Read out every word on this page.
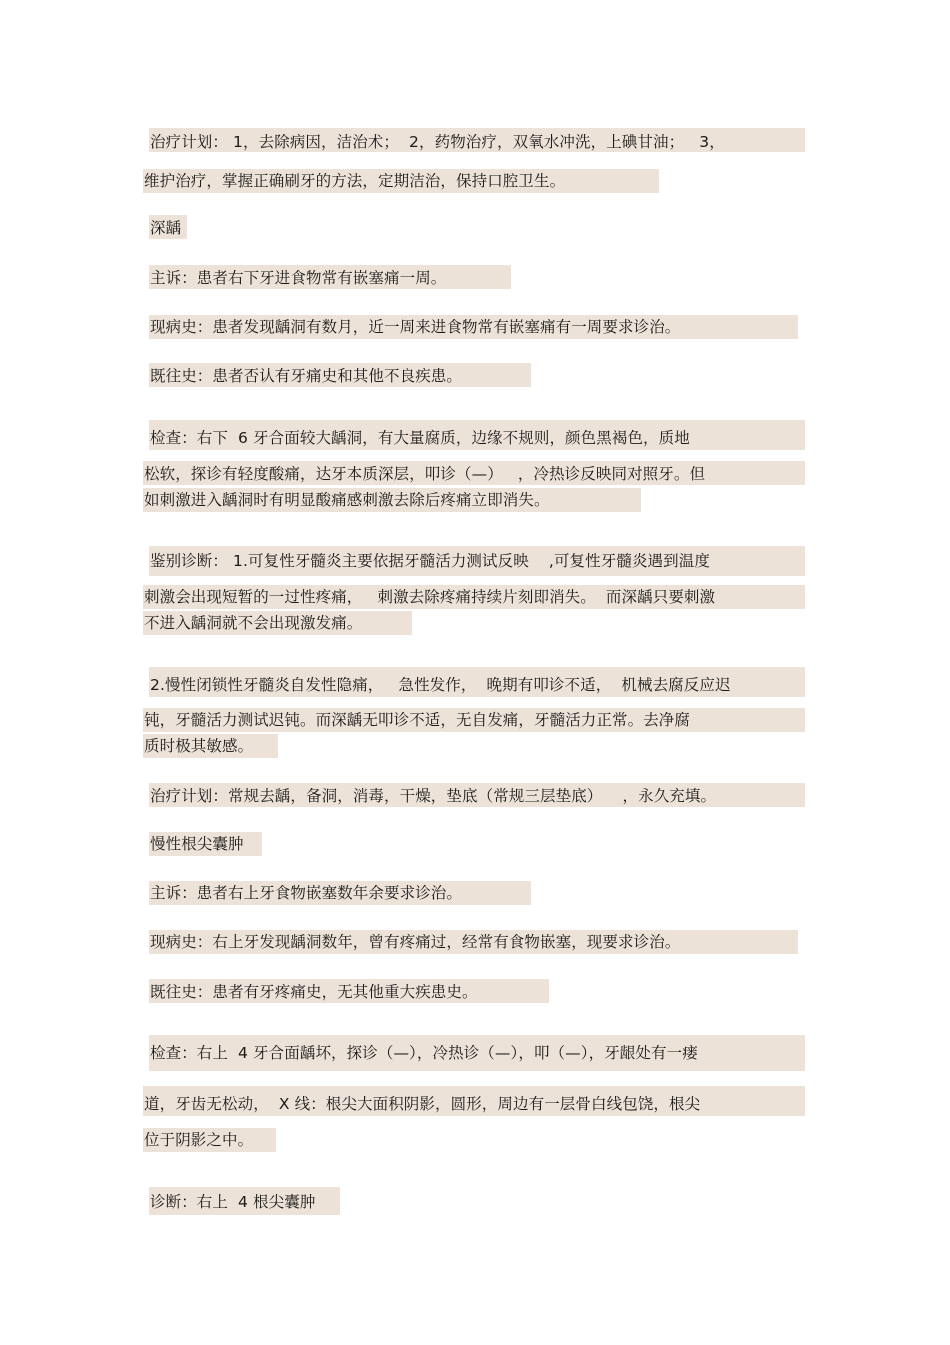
治疗计划： 1，去除病因，洁治术；  2，药物治疗，双氧水冲洗，上碘甘油；   3，
维护治疗，掌握正确刷牙的方法，定期洁治，保持口腔卫生。
深龋
主诉：患者右下牙进食物常有嵌塞痛一周。
现病史：患者发现龋洞有数月，近一周来进食物常有嵌塞痛有一周要求诊治。
既往史：患者否认有牙痛史和其他不良疾患。
检查：右下  6 牙合面较大龋洞，有大量腐质，边缘不规则，颜色黑褐色，质地
松软，探诊有轻度酸痛，达牙本质深层，叩诊（—）   ，冷热诊反映同对照牙。但
如刺激进入龋洞时有明显酸痛感刺激去除后疼痛立即消失。
鉴别诊断： 1.可复性牙髓炎主要依据牙髓活力测试反映    ,可复性牙髓炎遇到温度
刺激会出现短暂的一过性疼痛，   刺激去除疼痛持续片刻即消失。  而深龋只要刺激
不进入龋洞就不会出现激发痛。
2.慢性闭锁性牙髓炎自发性隐痛，   急性发作，  晚期有叩诊不适，  机械去腐反应迟
钝，牙髓活力测试迟钝。而深龋无叩诊不适，无自发痛，牙髓活力正常。去净腐
质时极其敏感。
治疗计划：常规去龋，备洞，消毒，干燥，垫底（常规三层垫底）    ，永久充填。
慢性根尖囊肿
主诉：患者右上牙食物嵌塞数年余要求诊治。
现病史：右上牙发现龋洞数年，曾有疼痛过，经常有食物嵌塞，现要求诊治。
既往史：患者有牙疼痛史，无其他重大疾患史。
检查：右上  4 牙合面龋坏，探诊（—），冷热诊（—），叩（—），牙龈处有一瘘
道，牙齿无松动，  X 线：根尖大面积阴影，圆形，周边有一层骨白线包饶，根尖
位于阴影之中。
诊断：右上  4 根尖囊肿
